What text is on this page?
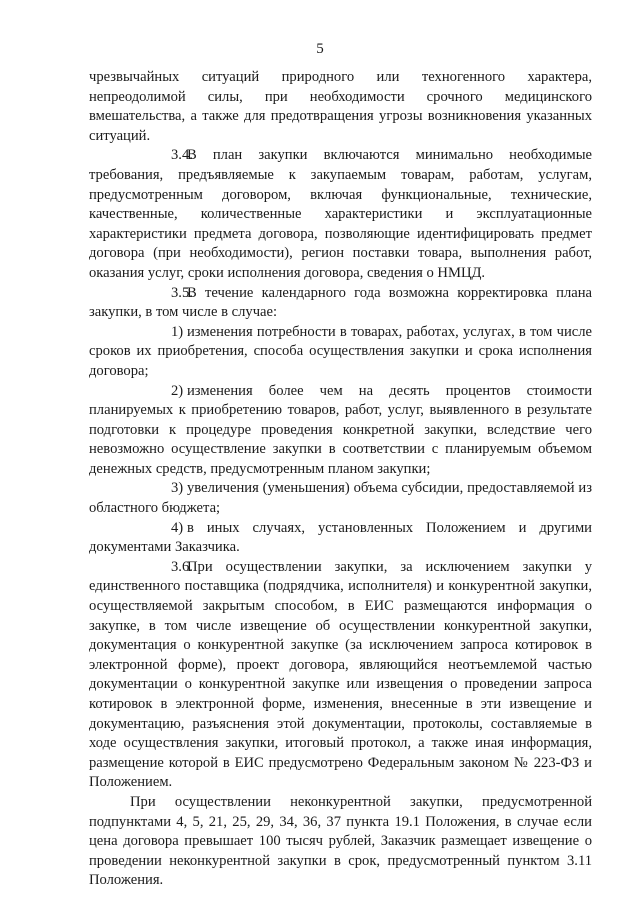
5

чрезвычайных ситуаций природного или техногенного характера, непреодолимой силы, при необходимости срочного медицинского вмешательства, а также для предотвращения угрозы возникновения указанных ситуаций.

3.4.В план закупки включаются минимально необходимые требования, предъявляемые к закупаемым товарам, работам, услугам, предусмотренным договором, включая функциональные, технические, качественные, количественные характеристики и эксплуатационные характеристики предмета договора, позволяющие идентифицировать предмет договора (при необходимости), регион поставки товара, выполнения работ, оказания услуг, сроки исполнения договора, сведения о НМЦД.

3.5.В течение календарного года возможна корректировка плана закупки, в том числе в случае:

1) изменения потребности в товарах, работах, услугах, в том числе сроков их приобретения, способа осуществления закупки и срока исполнения договора;

2) изменения более чем на десять процентов стоимости планируемых к приобретению товаров, работ, услуг, выявленного в результате подготовки к процедуре проведения конкретной закупки, вследствие чего невозможно осуществление закупки в соответствии с планируемым объемом денежных средств, предусмотренным планом закупки;

3) увеличения (уменьшения) объема субсидии, предоставляемой из областного бюджета;

4) в иных случаях, установленных Положением и другими документами Заказчика.

3.6.При осуществлении закупки, за исключением закупки у единственного поставщика (подрядчика, исполнителя) и конкурентной закупки, осуществляемой закрытым способом, в ЕИС размещаются информация о закупке, в том числе извещение об осуществлении конкурентной закупки, документация о конкурентной закупке (за исключением запроса котировок в электронной форме), проект договора, являющийся неотъемлемой частью документации о конкурентной закупке или извещения о проведении запроса котировок в электронной форме, изменения, внесенные в эти извещение и документацию, разъяснения этой документации, протоколы, составляемые в ходе осуществления закупки, итоговый протокол, а также иная информация, размещение которой в ЕИС предусмотрено Федеральным законом № 223-ФЗ и Положением.

При осуществлении неконкурентной закупки, предусмотренной подпунктами 4, 5, 21, 25, 29, 34, 36, 37 пункта 19.1 Положения, в случае если цена договора превышает 100 тысяч рублей, Заказчик размещает извещение о проведении неконкурентной закупки в срок, предусмотренный пунктом 3.11 Положения.
